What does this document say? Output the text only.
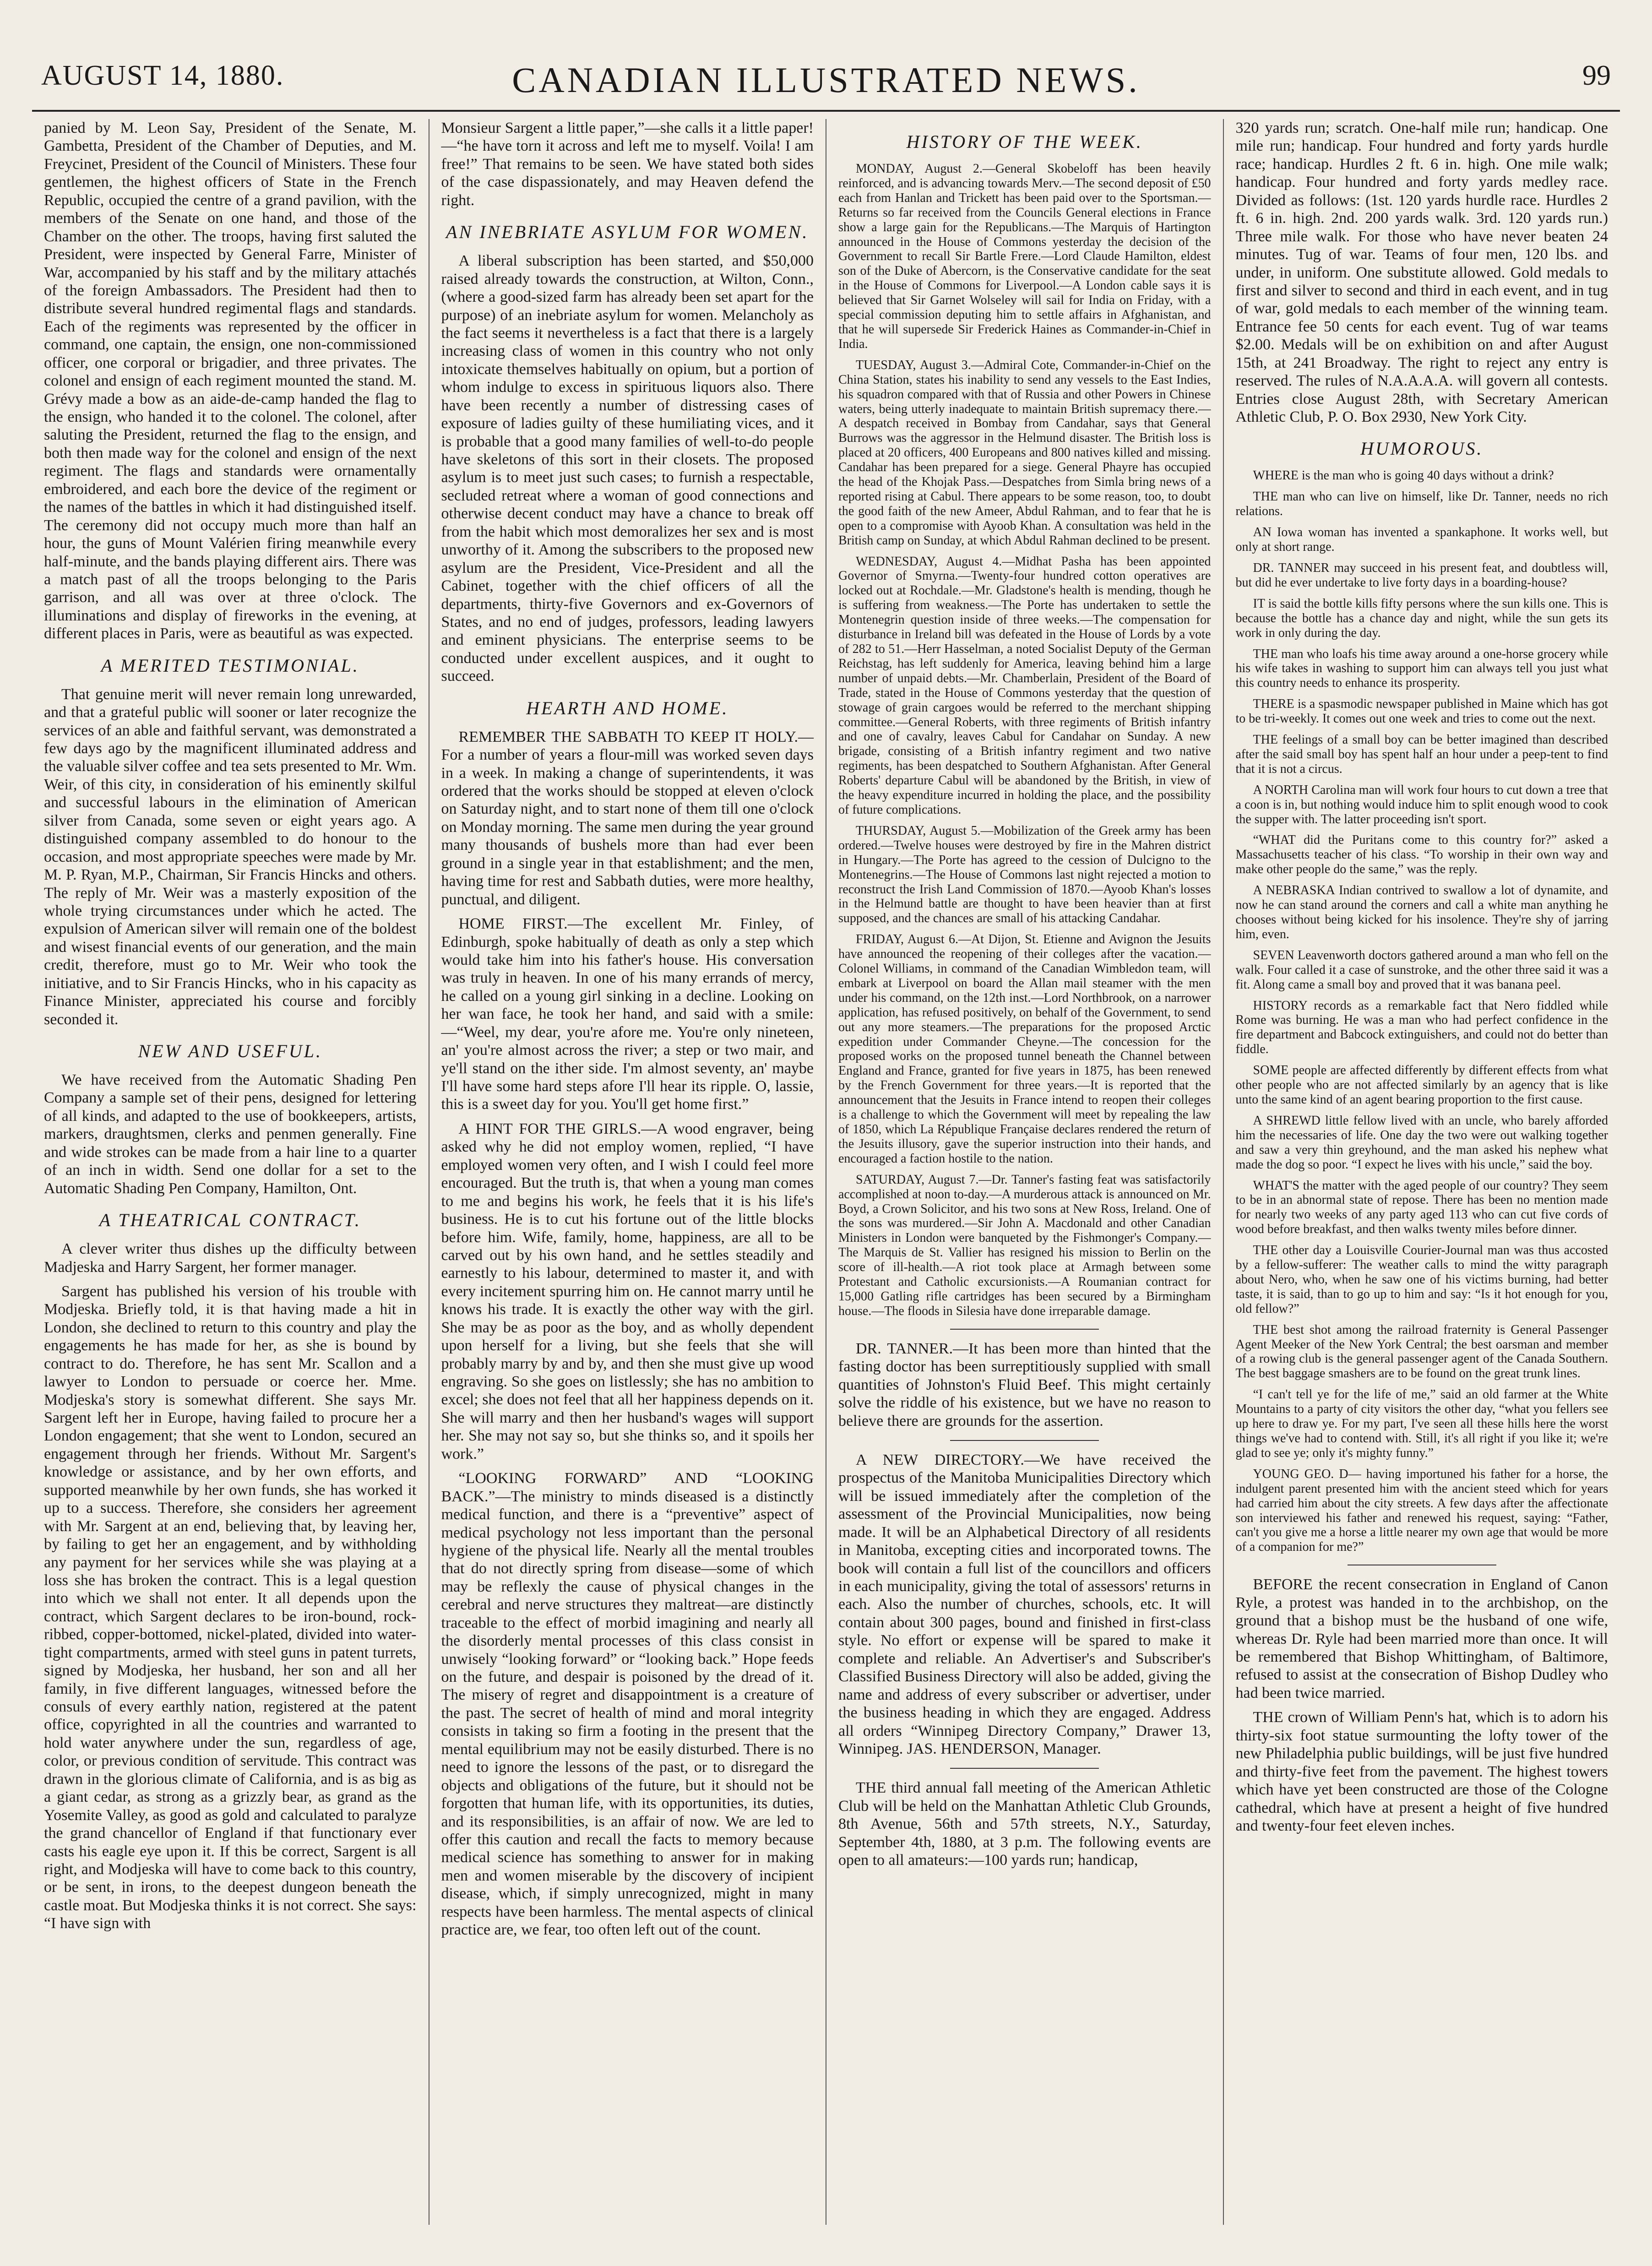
AUGUST 14, 1880.	CANADIAN ILLUSTRATED NEWS.	99

panied by M. Leon Say, President of the Senate, M. Gambetta, President of the Chamber of Deputies, and M. Freycinet, President of the Council of Ministers. These four gentlemen, the highest officers of State in the French Republic, occupied the centre of a grand pavilion, with the members of the Senate on one hand, and those of the Chamber on the other. The troops, having first saluted the President, were inspected by General Farre, Minister of War, accompanied by his staff and by the military attachés of the foreign Ambassadors. The President had then to distribute several hundred regimental flags and standards. Each of the regiments was represented by the officer in command, one captain, the ensign, one non-commissioned officer, one corporal or brigadier, and three privates. The colonel and ensign of each regiment mounted the stand. M. Grévy made a bow as an aide-de-camp handed the flag to the ensign, who handed it to the colonel. The colonel, after saluting the President, returned the flag to the ensign, and both then made way for the colonel and ensign of the next regiment. The flags and standards were ornamentally embroidered, and each bore the device of the regiment or the names of the battles in which it had distinguished itself. The ceremony did not occupy much more than half an hour, the guns of Mount Valérien firing meanwhile every half-minute, and the bands playing different airs. There was a match past of all the troops belonging to the Paris garrison, and all was over at three o'clock. The illuminations and display of fireworks in the evening, at different places in Paris, were as beautiful as was expected.

A MERITED TESTIMONIAL.

That genuine merit will never remain long unrewarded, and that a grateful public will sooner or later recognize the services of an able and faithful servant, was demonstrated a few days ago by the magnificent illuminated address and the valuable silver coffee and tea sets presented to Mr. Wm. Weir, of this city, in consideration of his eminently skilful and successful labours in the elimination of American silver from Canada, some seven or eight years ago. A distinguished company assembled to do honour to the occasion, and most appropriate speeches were made by Mr. M. P. Ryan, M.P., Chairman, Sir Francis Hincks and others. The reply of Mr. Weir was a masterly exposition of the whole trying circumstances under which he acted. The expulsion of American silver will remain one of the boldest and wisest financial events of our generation, and the main credit, therefore, must go to Mr. Weir who took the initiative, and to Sir Francis Hincks, who in his capacity as Finance Minister, appreciated his course and forcibly seconded it.

NEW AND USEFUL.

We have received from the Automatic Shading Pen Company a sample set of their pens, designed for lettering of all kinds, and adapted to the use of bookkeepers, artists, markers, draughtsmen, clerks and penmen generally. Fine and wide strokes can be made from a hair line to a quarter of an inch in width. Send one dollar for a set to the Automatic Shading Pen Company, Hamilton, Ont.

A THEATRICAL CONTRACT.

A clever writer thus dishes up the difficulty between Madjeska and Harry Sargent, her former manager.

Sargent has published his version of his trouble with Modjeska. Briefly told, it is that having made a hit in London, she declined to return to this country and play the engagements he has made for her, as she is bound by contract to do. Therefore, he has sent Mr. Scallon and a lawyer to London to persuade or coerce her. Mme. Modjeska's story is somewhat different. She says Mr. Sargent left her in Europe, having failed to procure her a London engagement; that she went to London, secured an engagement through her friends. Without Mr. Sargent's knowledge or assistance, and by her own efforts, and supported meanwhile by her own funds, she has worked it up to a success. Therefore, she considers her agreement with Mr. Sargent at an end, believing that, by leaving her, by failing to get her an engagement, and by withholding any payment for her services while she was playing at a loss she has broken the contract. This is a legal question into which we shall not enter. It all depends upon the contract, which Sargent declares to be iron-bound, rock-ribbed, copper-bottomed, nickel-plated, divided into water-tight compartments, armed with steel guns in patent turrets, signed by Modjeska, her husband, her son and all her family, in five different languages, witnessed before the consuls of every earthly nation, registered at the patent office, copyrighted in all the countries and warranted to hold water anywhere under the sun, regardless of age, color, or previous condition of servitude. This contract was drawn in the glorious climate of California, and is as big as a giant cedar, as strong as a grizzly bear, as grand as the Yosemite Valley, as good as gold and calculated to paralyze the grand chancellor of England if that functionary ever casts his eagle eye upon it. If this be correct, Sargent is all right, and Modjeska will have to come back to this country, or be sent, in irons, to the deepest dungeon beneath the castle moat. But Modjeska thinks it is not correct. She says: “I have sign with

Monsieur Sargent a little paper,”—she calls it a little paper!—“he have torn it across and left me to myself. Voila! I am free!” That remains to be seen. We have stated both sides of the case dispassionately, and may Heaven defend the right.

AN INEBRIATE ASYLUM FOR WOMEN.

A liberal subscription has been started, and $50,000 raised already towards the construction, at Wilton, Conn., (where a good-sized farm has already been set apart for the purpose) of an inebriate asylum for women. Melancholy as the fact seems it nevertheless is a fact that there is a largely increasing class of women in this country who not only intoxicate themselves habitually on opium, but a portion of whom indulge to excess in spirituous liquors also. There have been recently a number of distressing cases of exposure of ladies guilty of these humiliating vices, and it is probable that a good many families of well-to-do people have skeletons of this sort in their closets. The proposed asylum is to meet just such cases; to furnish a respectable, secluded retreat where a woman of good connections and otherwise decent conduct may have a chance to break off from the habit which most demoralizes her sex and is most unworthy of it. Among the subscribers to the proposed new asylum are the President, Vice-President and all the Cabinet, together with the chief officers of all the departments, thirty-five Governors and ex-Governors of States, and no end of judges, professors, leading lawyers and eminent physicians. The enterprise seems to be conducted under excellent auspices, and it ought to succeed.

HEARTH AND HOME.

REMEMBER THE SABBATH TO KEEP IT HOLY.—For a number of years a flour-mill was worked seven days in a week. In making a change of superintendents, it was ordered that the works should be stopped at eleven o'clock on Saturday night, and to start none of them till one o'clock on Monday morning. The same men during the year ground many thousands of bushels more than had ever been ground in a single year in that establishment; and the men, having time for rest and Sabbath duties, were more healthy, punctual, and diligent.

HOME FIRST.—The excellent Mr. Finley, of Edinburgh, spoke habitually of death as only a step which would take him into his father's house. His conversation was truly in heaven. In one of his many errands of mercy, he called on a young girl sinking in a decline. Looking on her wan face, he took her hand, and said with a smile:—“Weel, my dear, you're afore me. You're only nineteen, an' you're almost across the river; a step or two mair, and ye'll stand on the ither side. I'm almost seventy, an' maybe I'll have some hard steps afore I'll hear its ripple. O, lassie, this is a sweet day for you. You'll get home first.”

A HINT FOR THE GIRLS.—A wood engraver, being asked why he did not employ women, replied, “I have employed women very often, and I wish I could feel more encouraged. But the truth is, that when a young man comes to me and begins his work, he feels that it is his life's business. He is to cut his fortune out of the little blocks before him. Wife, family, home, happiness, are all to be carved out by his own hand, and he settles steadily and earnestly to his labour, determined to master it, and with every incitement spurring him on. He cannot marry until he knows his trade. It is exactly the other way with the girl. She may be as poor as the boy, and as wholly dependent upon herself for a living, but she feels that she will probably marry by and by, and then she must give up wood engraving. So she goes on listlessly; she has no ambition to excel; she does not feel that all her happiness depends on it. She will marry and then her husband's wages will support her. She may not say so, but she thinks so, and it spoils her work.”

“LOOKING FORWARD” AND “LOOKING BACK.”—The ministry to minds diseased is a distinctly medical function, and there is a “preventive” aspect of medical psychology not less important than the personal hygiene of the physical life. Nearly all the mental troubles that do not directly spring from disease—some of which may be reflexly the cause of physical changes in the cerebral and nerve structures they maltreat—are distinctly traceable to the effect of morbid imagining and nearly all the disorderly mental processes of this class consist in unwisely “looking forward” or “looking back.” Hope feeds on the future, and despair is poisoned by the dread of it. The misery of regret and disappointment is a creature of the past. The secret of health of mind and moral integrity consists in taking so firm a footing in the present that the mental equilibrium may not be easily disturbed. There is no need to ignore the lessons of the past, or to disregard the objects and obligations of the future, but it should not be forgotten that human life, with its opportunities, its duties, and its responsibilities, is an affair of now. We are led to offer this caution and recall the facts to memory because medical science has something to answer for in making men and women miserable by the discovery of incipient disease, which, if simply unrecognized, might in many respects have been harmless. The mental aspects of clinical practice are, we fear, too often left out of the count.

HISTORY OF THE WEEK.

MONDAY, August 2.—General Skobeloff has been heavily reinforced, and is advancing towards Merv.—The second deposit of £50 each from Hanlan and Trickett has been paid over to the Sportsman.—Returns so far received from the Councils General elections in France show a large gain for the Republicans.—The Marquis of Hartington announced in the House of Commons yesterday the decision of the Government to recall Sir Bartle Frere.—Lord Claude Hamilton, eldest son of the Duke of Abercorn, is the Conservative candidate for the seat in the House of Commons for Liverpool.—A London cable says it is believed that Sir Garnet Wolseley will sail for India on Friday, with a special commission deputing him to settle affairs in Afghanistan, and that he will supersede Sir Frederick Haines as Commander-in-Chief in India.

TUESDAY, August 3.—Admiral Cote, Commander-in-Chief on the China Station, states his inability to send any vessels to the East Indies, his squadron compared with that of Russia and other Powers in Chinese waters, being utterly inadequate to maintain British supremacy there.—A despatch received in Bombay from Candahar, says that General Burrows was the aggressor in the Helmund disaster. The British loss is placed at 20 officers, 400 Europeans and 800 natives killed and missing. Candahar has been prepared for a siege. General Phayre has occupied the head of the Khojak Pass.—Despatches from Simla bring news of a reported rising at Cabul. There appears to be some reason, too, to doubt the good faith of the new Ameer, Abdul Rahman, and to fear that he is open to a compromise with Ayoob Khan. A consultation was held in the British camp on Sunday, at which Abdul Rahman declined to be present.

WEDNESDAY, August 4.—Midhat Pasha has been appointed Governor of Smyrna.—Twenty-four hundred cotton operatives are locked out at Rochdale.—Mr. Gladstone's health is mending, though he is suffering from weakness.—The Porte has undertaken to settle the Montenegrin question inside of three weeks.—The compensation for disturbance in Ireland bill was defeated in the House of Lords by a vote of 282 to 51.—Herr Hasselman, a noted Socialist Deputy of the German Reichstag, has left suddenly for America, leaving behind him a large number of unpaid debts.—Mr. Chamberlain, President of the Board of Trade, stated in the House of Commons yesterday that the question of stowage of grain cargoes would be referred to the merchant shipping committee.—General Roberts, with three regiments of British infantry and one of cavalry, leaves Cabul for Candahar on Sunday. A new brigade, consisting of a British infantry regiment and two native regiments, has been despatched to Southern Afghanistan. After General Roberts' departure Cabul will be abandoned by the British, in view of the heavy expenditure incurred in holding the place, and the possibility of future complications.

THURSDAY, August 5.—Mobilization of the Greek army has been ordered.—Twelve houses were destroyed by fire in the Mahren district in Hungary.—The Porte has agreed to the cession of Dulcigno to the Montenegrins.—The House of Commons last night rejected a motion to reconstruct the Irish Land Commission of 1870.—Ayoob Khan's losses in the Helmund battle are thought to have been heavier than at first supposed, and the chances are small of his attacking Candahar.

FRIDAY, August 6.—At Dijon, St. Etienne and Avignon the Jesuits have announced the reopening of their colleges after the vacation.—Colonel Williams, in command of the Canadian Wimbledon team, will embark at Liverpool on board the Allan mail steamer with the men under his command, on the 12th inst.—Lord Northbrook, on a narrower application, has refused positively, on behalf of the Government, to send out any more steamers.—The preparations for the proposed Arctic expedition under Commander Cheyne.—The concession for the proposed works on the proposed tunnel beneath the Channel between England and France, granted for five years in 1875, has been renewed by the French Government for three years.—It is reported that the announcement that the Jesuits in France intend to reopen their colleges is a challenge to which the Government will meet by repealing the law of 1850, which La République Française declares rendered the return of the Jesuits illusory, gave the superior instruction into their hands, and encouraged a faction hostile to the nation.

SATURDAY, August 7.—Dr. Tanner's fasting feat was satisfactorily accomplished at noon to-day.—A murderous attack is announced on Mr. Boyd, a Crown Solicitor, and his two sons at New Ross, Ireland. One of the sons was murdered.—Sir John A. Macdonald and other Canadian Ministers in London were banqueted by the Fishmonger's Company.—The Marquis de St. Vallier has resigned his mission to Berlin on the score of ill-health.—A riot took place at Armagh between some Protestant and Catholic excursionists.—A Roumanian contract for 15,000 Gatling rifle cartridges has been secured by a Birmingham house.—The floods in Silesia have done irreparable damage.

DR. TANNER.—It has been more than hinted that the fasting doctor has been surreptitiously supplied with small quantities of Johnston's Fluid Beef. This might certainly solve the riddle of his existence, but we have no reason to believe there are grounds for the assertion.

A NEW DIRECTORY.—We have received the prospectus of the Manitoba Municipalities Directory which will be issued immediately after the completion of the assessment of the Provincial Municipalities, now being made. It will be an Alphabetical Directory of all residents in Manitoba, excepting cities and incorporated towns. The book will contain a full list of the councillors and officers in each municipality, giving the total of assessors' returns in each. Also the number of churches, schools, etc. It will contain about 300 pages, bound and finished in first-class style. No effort or expense will be spared to make it complete and reliable. An Advertiser's and Subscriber's Classified Business Directory will also be added, giving the name and address of every subscriber or advertiser, under the business heading in which they are engaged. Address all orders “Winnipeg Directory Company,” Drawer 13, Winnipeg. JAS. HENDERSON, Manager.

THE third annual fall meeting of the American Athletic Club will be held on the Manhattan Athletic Club Grounds, 8th Avenue, 56th and 57th streets, N.Y., Saturday, September 4th, 1880, at 3 p.m. The following events are open to all amateurs:—100 yards run; handicap,

320 yards run; scratch. One-half mile run; handicap. One mile run; handicap. Four hundred and forty yards hurdle race; handicap. Hurdles 2 ft. 6 in. high. One mile walk; handicap. Four hundred and forty yards medley race. Divided as follows: (1st. 120 yards hurdle race. Hurdles 2 ft. 6 in. high. 2nd. 200 yards walk. 3rd. 120 yards run.) Three mile walk. For those who have never beaten 24 minutes. Tug of war. Teams of four men, 120 lbs. and under, in uniform. One substitute allowed. Gold medals to first and silver to second and third in each event, and in tug of war, gold medals to each member of the winning team. Entrance fee 50 cents for each event. Tug of war teams $2.00. Medals will be on exhibition on and after August 15th, at 241 Broadway. The right to reject any entry is reserved. The rules of N.A.A.A.A. will govern all contests. Entries close August 28th, with Secretary American Athletic Club, P. O. Box 2930, New York City.

HUMOROUS.

WHERE is the man who is going 40 days without a drink?

THE man who can live on himself, like Dr. Tanner, needs no rich relations.

AN Iowa woman has invented a spankaphone. It works well, but only at short range.

DR. TANNER may succeed in his present feat, and doubtless will, but did he ever undertake to live forty days in a boarding-house?

IT is said the bottle kills fifty persons where the sun kills one. This is because the bottle has a chance day and night, while the sun gets its work in only during the day.

THE man who loafs his time away around a one-horse grocery while his wife takes in washing to support him can always tell you just what this country needs to enhance its prosperity.

THERE is a spasmodic newspaper published in Maine which has got to be tri-weekly. It comes out one week and tries to come out the next.

THE feelings of a small boy can be better imagined than described after the said small boy has spent half an hour under a peep-tent to find that it is not a circus.

A NORTH Carolina man will work four hours to cut down a tree that a coon is in, but nothing would induce him to split enough wood to cook the supper with. The latter proceeding isn't sport.

“WHAT did the Puritans come to this country for?” asked a Massachusetts teacher of his class. “To worship in their own way and make other people do the same,” was the reply.

A NEBRASKA Indian contrived to swallow a lot of dynamite, and now he can stand around the corners and call a white man anything he chooses without being kicked for his insolence. They're shy of jarring him, even.

SEVEN Leavenworth doctors gathered around a man who fell on the walk. Four called it a case of sunstroke, and the other three said it was a fit. Along came a small boy and proved that it was banana peel.

HISTORY records as a remarkable fact that Nero fiddled while Rome was burning. He was a man who had perfect confidence in the fire department and Babcock extinguishers, and could not do better than fiddle.

SOME people are affected differently by different effects from what other people who are not affected similarly by an agency that is like unto the same kind of an agent bearing proportion to the first cause.

A SHREWD little fellow lived with an uncle, who barely afforded him the necessaries of life. One day the two were out walking together and saw a very thin greyhound, and the man asked his nephew what made the dog so poor. “I expect he lives with his uncle,” said the boy.

WHAT'S the matter with the aged people of our country? They seem to be in an abnormal state of repose. There has been no mention made for nearly two weeks of any party aged 113 who can cut five cords of wood before breakfast, and then walks twenty miles before dinner.

THE other day a Louisville Courier-Journal man was thus accosted by a fellow-sufferer: The weather calls to mind the witty paragraph about Nero, who, when he saw one of his victims burning, had better taste, it is said, than to go up to him and say: “Is it hot enough for you, old fellow?”

THE best shot among the railroad fraternity is General Passenger Agent Meeker of the New York Central; the best oarsman and member of a rowing club is the general passenger agent of the Canada Southern. The best baggage smashers are to be found on the great trunk lines.

“I can't tell ye for the life of me,” said an old farmer at the White Mountains to a party of city visitors the other day, “what you fellers see up here to draw ye. For my part, I've seen all these hills here the worst things we've had to contend with. Still, it's all right if you like it; we're glad to see ye; only it's mighty funny.”

YOUNG GEO. D— having importuned his father for a horse, the indulgent parent presented him with the ancient steed which for years had carried him about the city streets. A few days after the affectionate son interviewed his father and renewed his request, saying: “Father, can't you give me a horse a little nearer my own age that would be more of a companion for me?”

BEFORE the recent consecration in England of Canon Ryle, a protest was handed in to the archbishop, on the ground that a bishop must be the husband of one wife, whereas Dr. Ryle had been married more than once. It will be remembered that Bishop Whittingham, of Baltimore, refused to assist at the consecration of Bishop Dudley who had been twice married.

THE crown of William Penn's hat, which is to adorn his thirty-six foot statue surmounting the lofty tower of the new Philadelphia public buildings, will be just five hundred and thirty-five feet from the pavement. The highest towers which have yet been constructed are those of the Cologne cathedral, which have at present a height of five hundred and twenty-four feet eleven inches.
